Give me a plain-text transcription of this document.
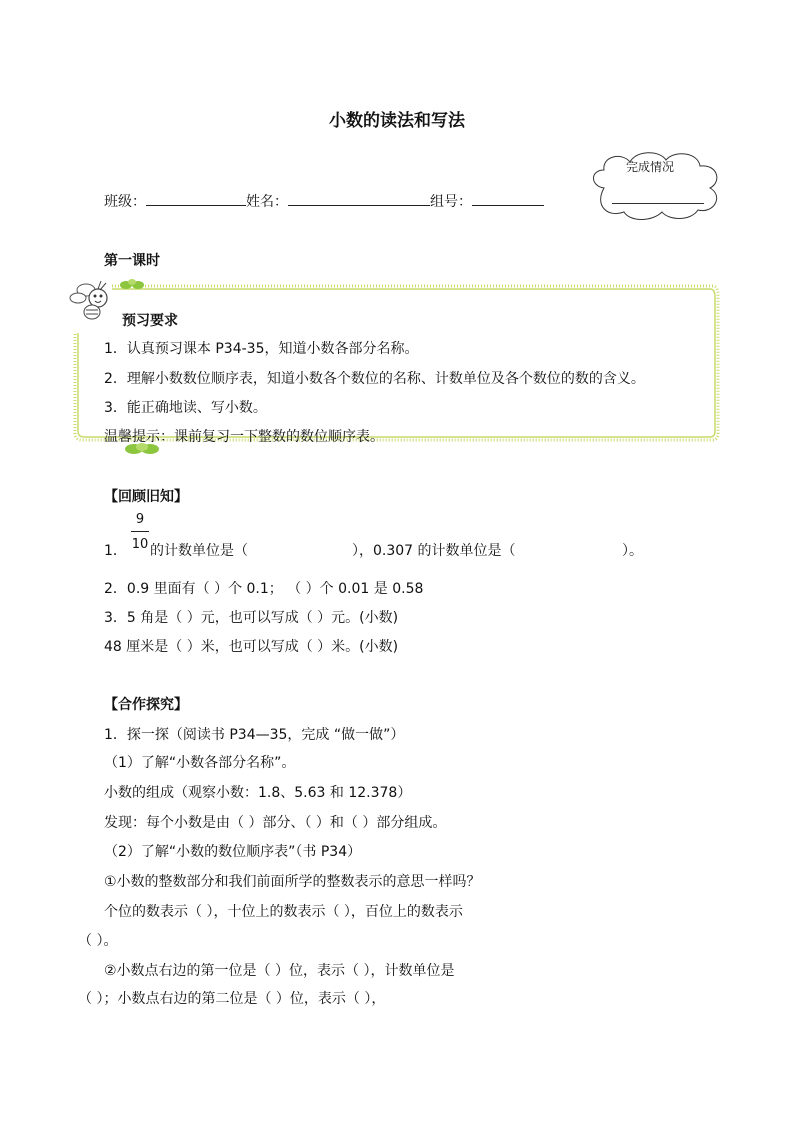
小数的读法和写法
完成情况
班级：	姓名：	组号：
第一课时
预习要求
1．认真预习课本 P34-35，知道小数各部分名称。
2．理解小数数位顺序表，知道小数各个数位的名称、计数单位及各个数位的数的含义。
3．能正确地读、写小数。
温馨提示：课前复习一下整数的数位顺序表。
【回顾旧知】
9
10
1． 的计数单位是（	），0.307 的计数单位是（	）。
2．0.9 里面有（ ）个 0.1； （ ）个 0.01 是 0.58
3．5 角是（ ）元，也可以写成（ ）元。(小数)
48 厘米是（ ）米，也可以写成（ ）米。(小数)
【合作探究】
1．探一探（阅读书 P34—35，完成 “做一做”）
（1）了解“小数各部分名称”。
小数的组成（观察小数：1.8、5.63 和 12.378）
发现：每个小数是由（ ）部分、（ ）和（ ）部分组成。
（2）了解“小数的数位顺序表”（书 P34）
①小数的整数部分和我们前面所学的整数表示的意思一样吗？
个位的数表示（ ），十位上的数表示（ ），百位上的数表示
（ ）。
②小数点右边的第一位是（ ）位，表示（ ），计数单位是
（ ）；小数点右边的第二位是（ ）位，表示（ ），
